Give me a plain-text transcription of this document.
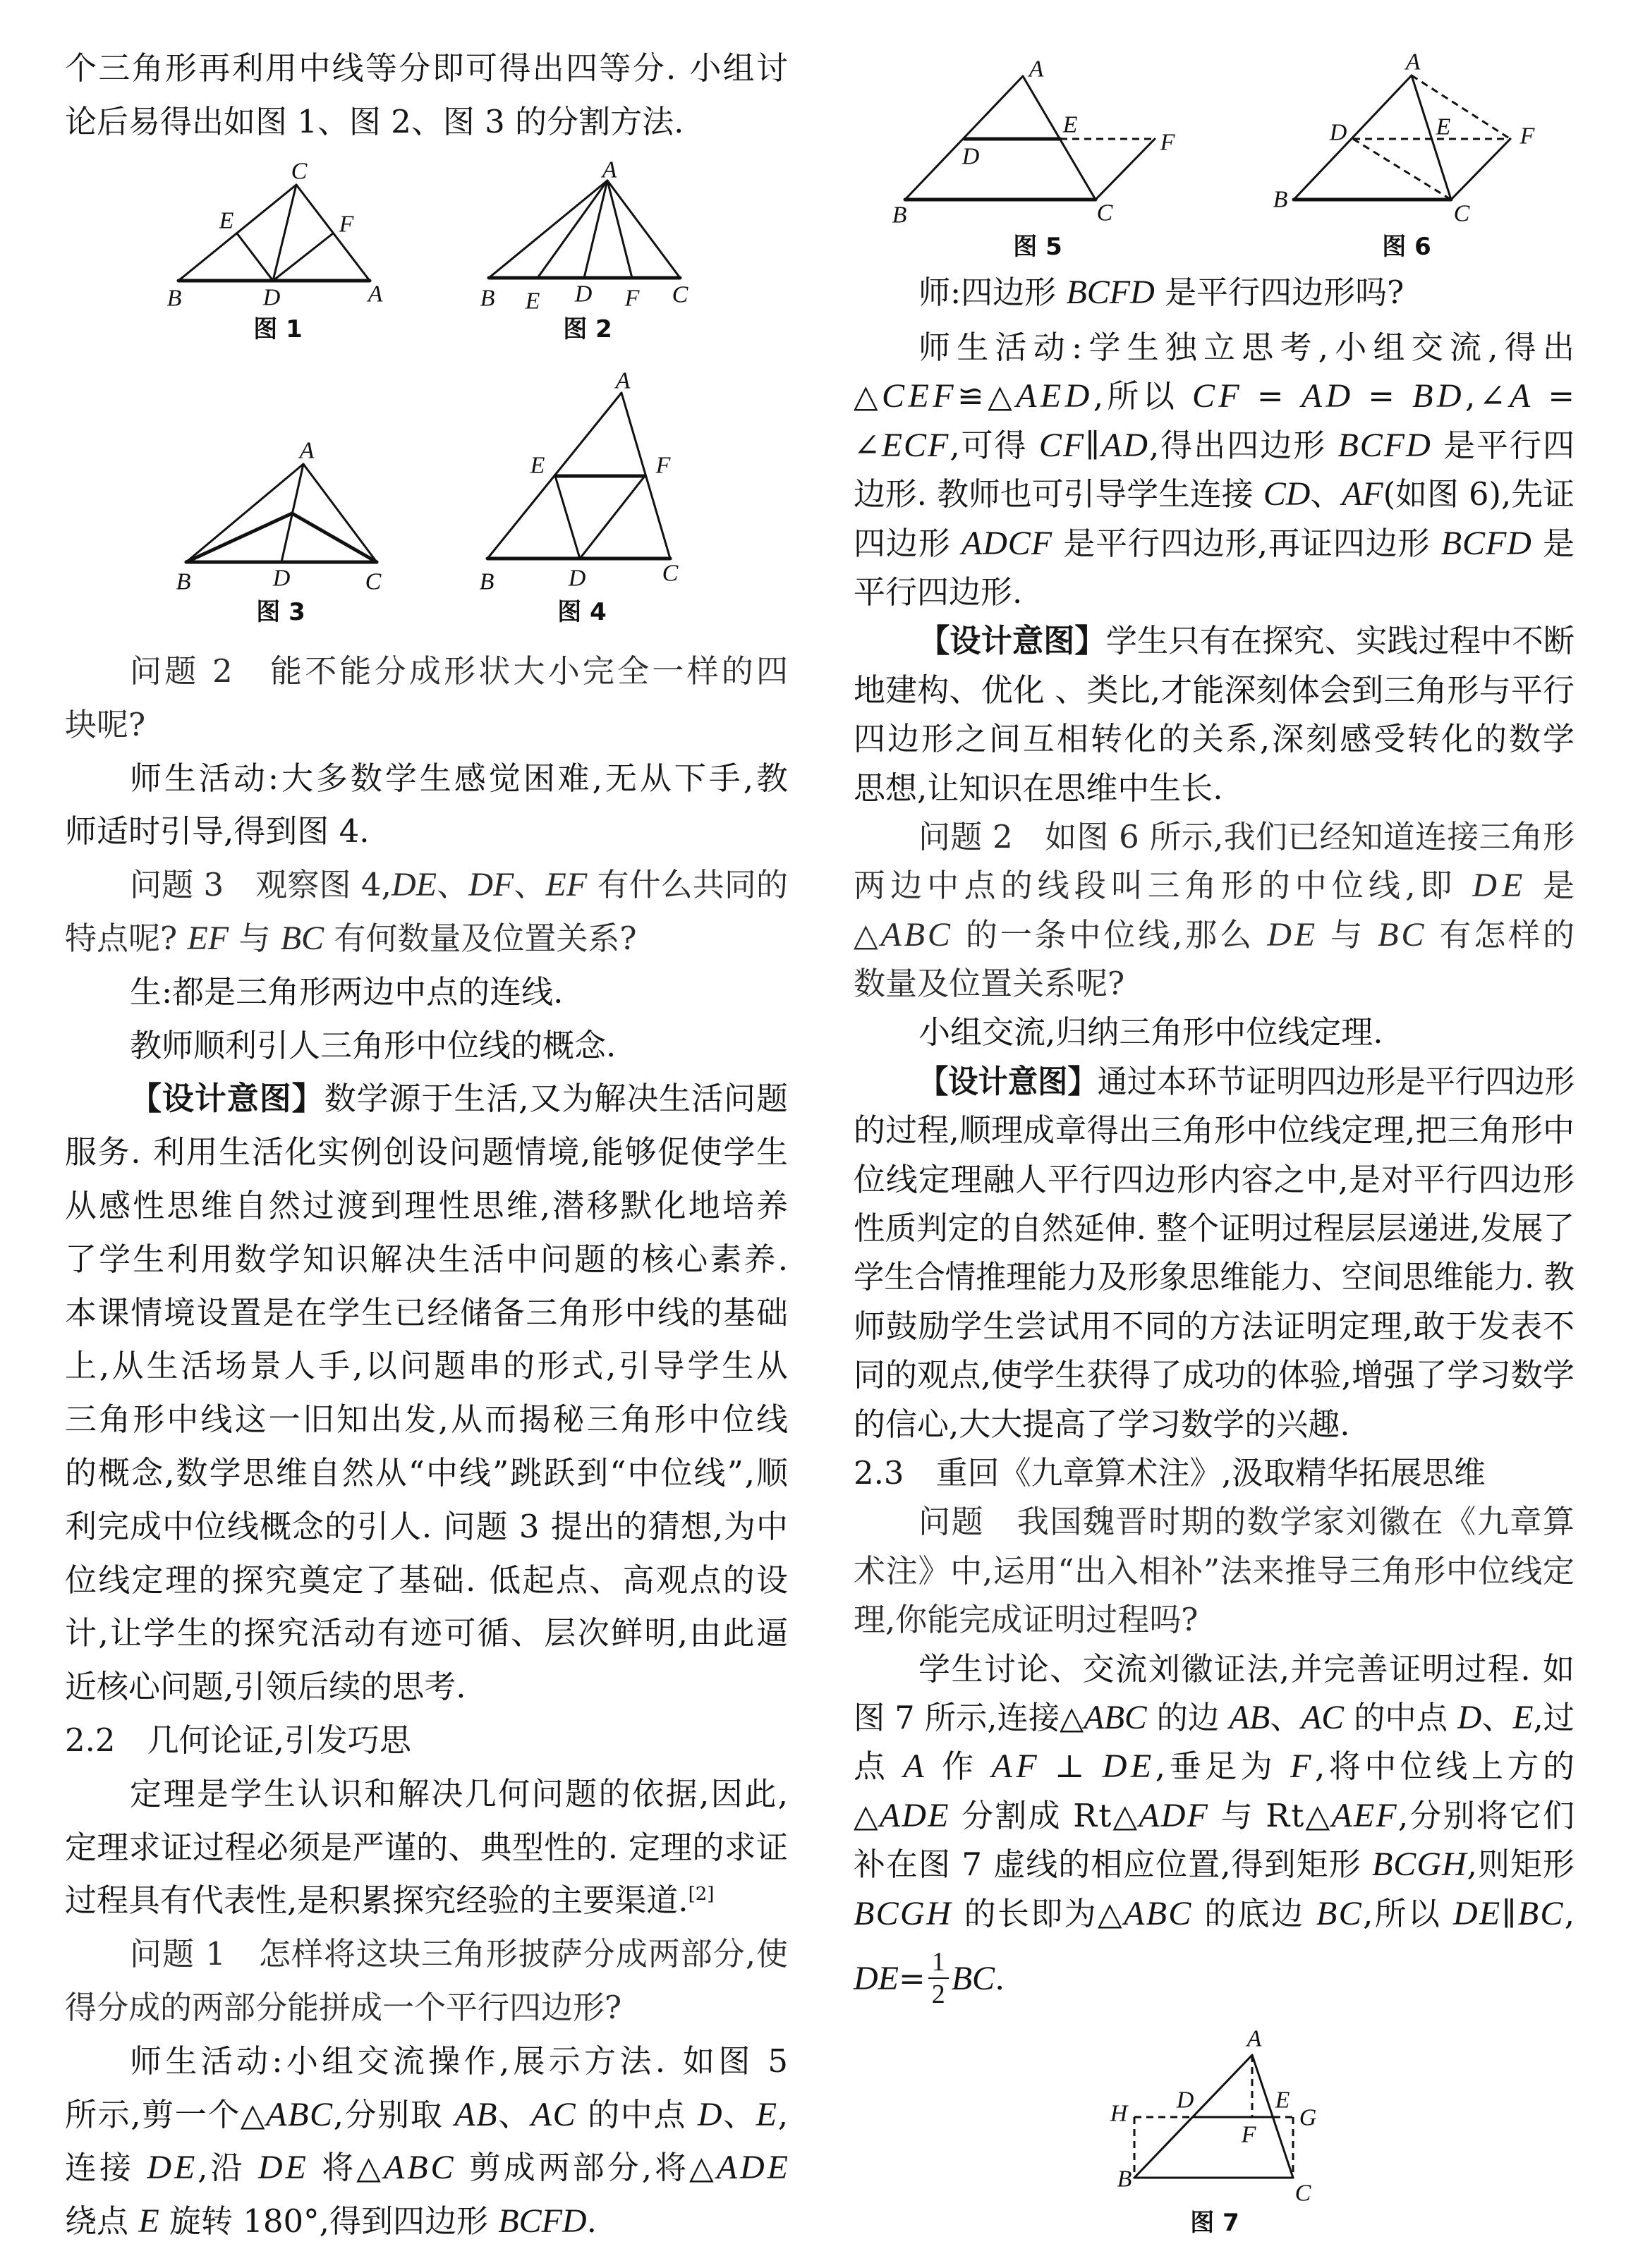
个三角形再利用中线等分即可得出四等分. 小组讨
论后易得出如图 1、图 2、图 3 的分割方法.
问题 2　能不能分成形状大小完全一样的四
块呢?
师生活动:大多数学生感觉困难,无从下手,教
师适时引导,得到图 4.
问题 3　观察图 4,DE、DF、EF 有什么共同的
特点呢? EF 与 BC 有何数量及位置关系?
生:都是三角形两边中点的连线.
教师顺利引人三角形中位线的概念.
【设计意图】数学源于生活,又为解决生活问题
服务. 利用生活化实例创设问题情境,能够促使学生
从感性思维自然过渡到理性思维,潜移默化地培养
了学生利用数学知识解决生活中问题的核心素养.
本课情境设置是在学生已经储备三角形中线的基础
上,从生活场景人手,以问题串的形式,引导学生从
三角形中线这一旧知出发,从而揭秘三角形中位线
的概念,数学思维自然从“中线”跳跃到“中位线”,顺
利完成中位线概念的引人. 问题 3 提出的猜想,为中
位线定理的探究奠定了基础. 低起点、高观点的设
计,让学生的探究活动有迹可循、层次鲜明,由此逼
近核心问题,引领后续的思考.
2.2　几何论证,引发巧思
定理是学生认识和解决几何问题的依据,因此,
定理求证过程必须是严谨的、典型性的. 定理的求证
过程具有代表性,是积累探究经验的主要渠道.[2]
问题 1　怎样将这块三角形披萨分成两部分,使
得分成的两部分能拼成一个平行四边形?
师生活动:小组交流操作,展示方法. 如图 5
所示,剪一个△ABC,分别取 AB、AC 的中点 D、E,
连接 DE,沿 DE 将△ABC 剪成两部分,将△ADE
绕点 E 旋转 180°,得到四边形 BCFD.
师:四边形 BCFD 是平行四边形吗?
师生活动:学生独立思考,小组交流,得出
△CEF≌△AED,所以 CF = AD = BD,∠A =
∠ECF,可得 CF∥AD,得出四边形 BCFD 是平行四
边形. 教师也可引导学生连接 CD、AF(如图 6),先证
四边形 ADCF 是平行四边形,再证四边形 BCFD 是
平行四边形.
【设计意图】学生只有在探究、实践过程中不断
地建构、优化 、类比,才能深刻体会到三角形与平行
四边形之间互相转化的关系,深刻感受转化的数学
思想,让知识在思维中生长.
问题 2　如图 6 所示,我们已经知道连接三角形
两边中点的线段叫三角形的中位线,即 DE 是
△ABC 的一条中位线,那么 DE 与 BC 有怎样的
数量及位置关系呢?
小组交流,归纳三角形中位线定理.
【设计意图】通过本环节证明四边形是平行四边形
的过程,顺理成章得出三角形中位线定理,把三角形中
位线定理融人平行四边形内容之中,是对平行四边形
性质判定的自然延伸. 整个证明过程层层递进,发展了
学生合情推理能力及形象思维能力、空间思维能力. 教
师鼓励学生尝试用不同的方法证明定理,敢于发表不
同的观点,使学生获得了成功的体验,增强了学习数学
的信心,大大提高了学习数学的兴趣.
2.3　重回《九章算术注》,汲取精华拓展思维
问题　我国魏晋时期的数学家刘徽在《九章算
术注》中,运用“出入相补”法来推导三角形中位线定
理,你能完成证明过程吗?
学生讨论、交流刘徽证法,并完善证明过程. 如
图 7 所示,连接△ABC 的边 AB、AC 的中点 D、E,过
点 A 作 AF ⊥ DE,垂足为 F,将中位线上方的
△ADE 分割成 Rt△ADF 与 Rt△AEF,分别将它们
补在图 7 虚线的相应位置,得到矩形 BCGH,则矩形
BCGH 的长即为△ABC 的底边 BC,所以 DE∥BC,
DE = $\frac{1}{2}$ BC .
C
E	F
B	D	A
图 1
A
B E D F C
图 2
A
B	D	C
图 3
A
E	F
B	D	C
图 4
A
E
F
D
B	C
图 5
A
D	E	F
B
C
图 6
A
D	E
H	G
F
B
C
图 7
